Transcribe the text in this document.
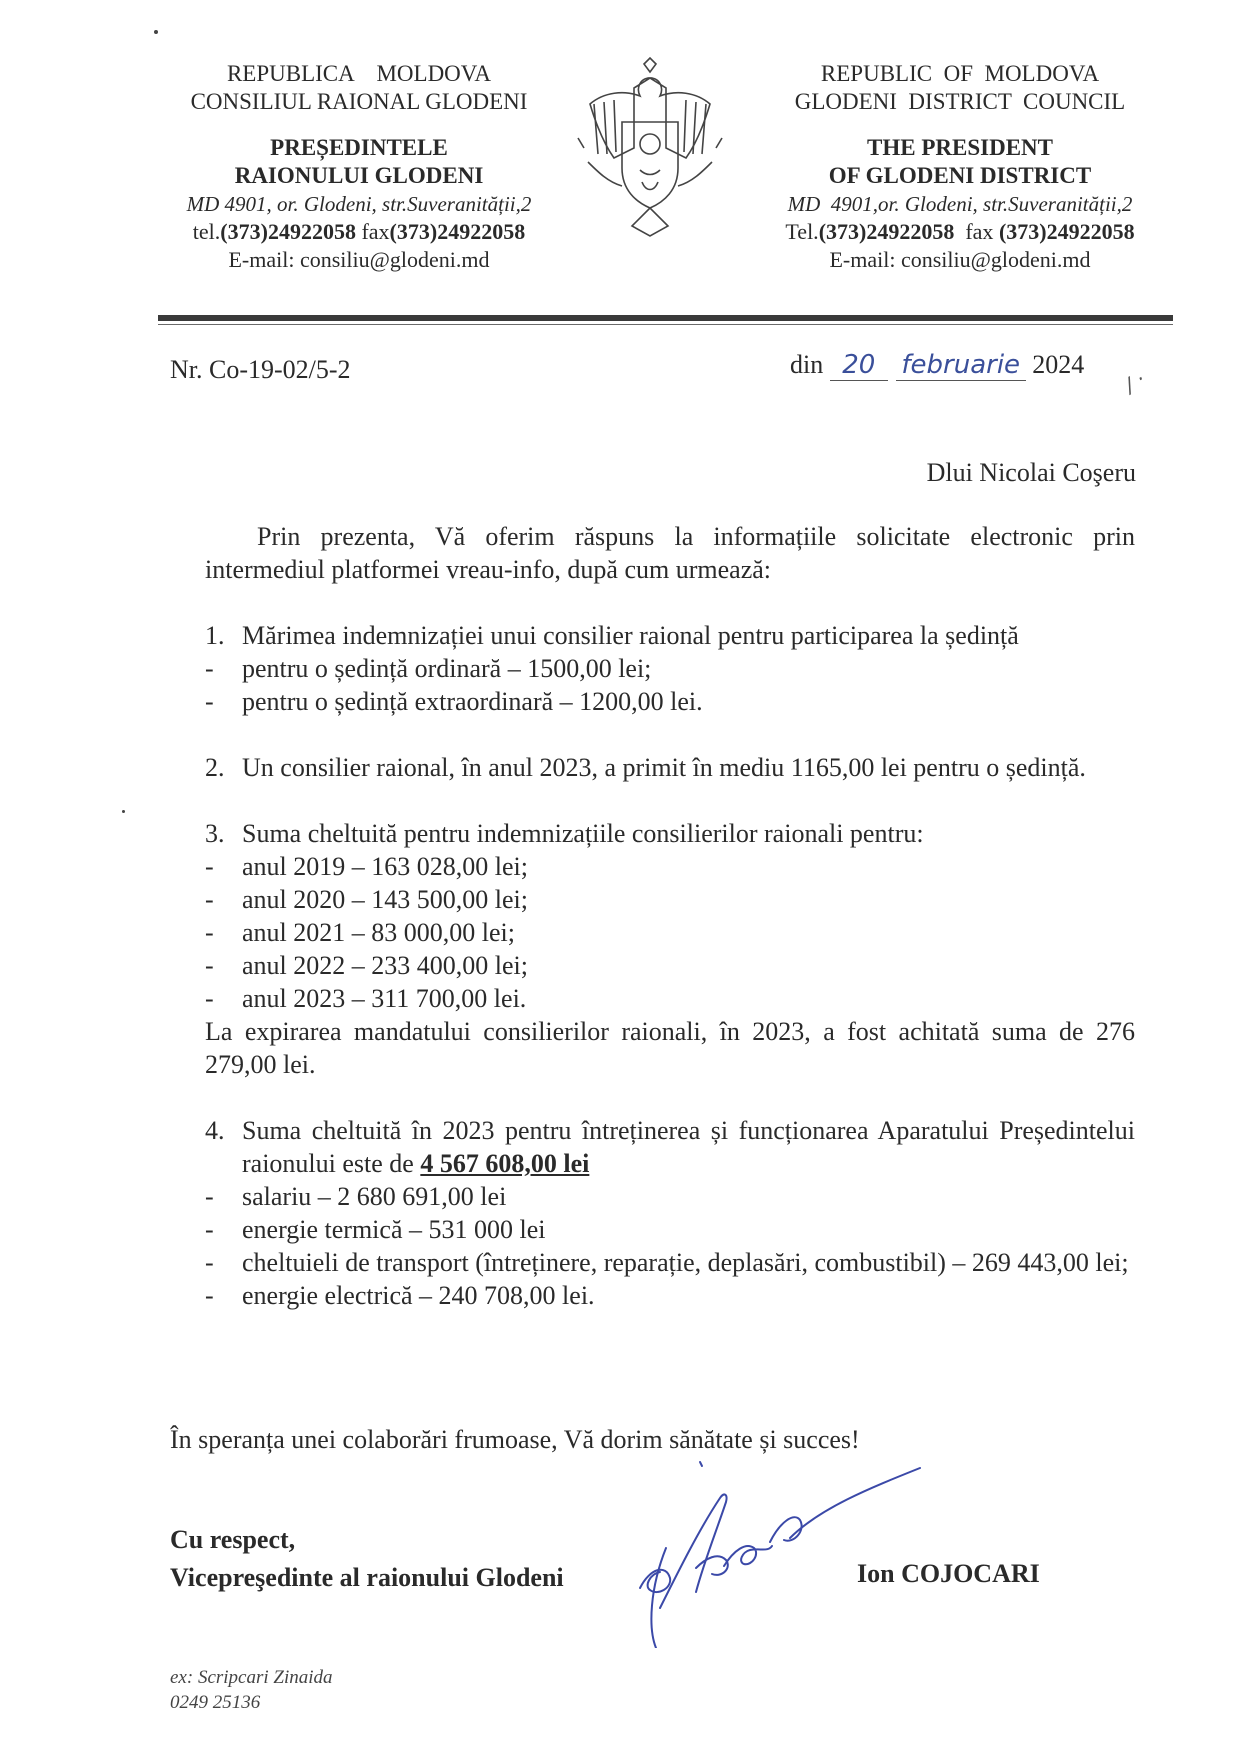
REPUBLICA    MOLDOVA
CONSILIUL RAIONAL GLODENI
PREȘEDINTELE
RAIONULUI GLODENI
MD 4901, or. Glodeni, str.Suveranității,2
tel.(373)24922058 fax(373)24922058
E-mail: consiliu@glodeni.md
REPUBLIC  OF  MOLDOVA
GLODENI  DISTRICT  COUNCIL
THE PRESIDENT
OF GLODENI DISTRICT
MD  4901,or. Glodeni, str.Suveranității,2
Tel.(373)24922058  fax (373)24922058
E-mail: consiliu@glodeni.md
Nr. Co-19-02/5-2	din 20 februarie 2024
/ ·
Dlui Nicolai Coşeru

Prin prezenta, Vă oferim răspuns la informațiile solicitate electronic prin intermediul platformei vreau-info, după cum urmează:

1. Mărimea indemnizației unui consilier raional pentru participarea la ședință
- pentru o ședință ordinară – 1500,00 lei;
- pentru o ședință extraordinară – 1200,00 lei.
2. Un consilier raional, în anul 2023, a primit în mediu 1165,00 lei pentru o ședință.
3. Suma cheltuită pentru indemnizațiile consilierilor raionali pentru:
- anul 2019 – 163 028,00 lei;
- anul 2020 – 143 500,00 lei;
- anul 2021 – 83 000,00 lei;
- anul 2022 – 233 400,00 lei;
- anul 2023 – 311 700,00 lei.
La expirarea mandatului consilierilor raionali, în 2023, a fost achitată suma de 276 279,00 lei.
4. Suma cheltuită în 2023 pentru întreținerea și funcționarea Aparatului Președintelui raionului este de 4 567 608,00 lei
- salariu – 2 680 691,00 lei
- energie termică – 531 000 lei
- cheltuieli de transport (întreținere, reparație, deplasări, combustibil) – 269 443,00 lei;
- energie electrică – 240 708,00 lei.
În speranța unei colaborări frumoase, Vă dorim sănătate și succes!
Cu respect,
Vicepreşedinte al raionului Glodeni	Ion COJOCARI
ex: Scripcari Zinaida
0249 25136
